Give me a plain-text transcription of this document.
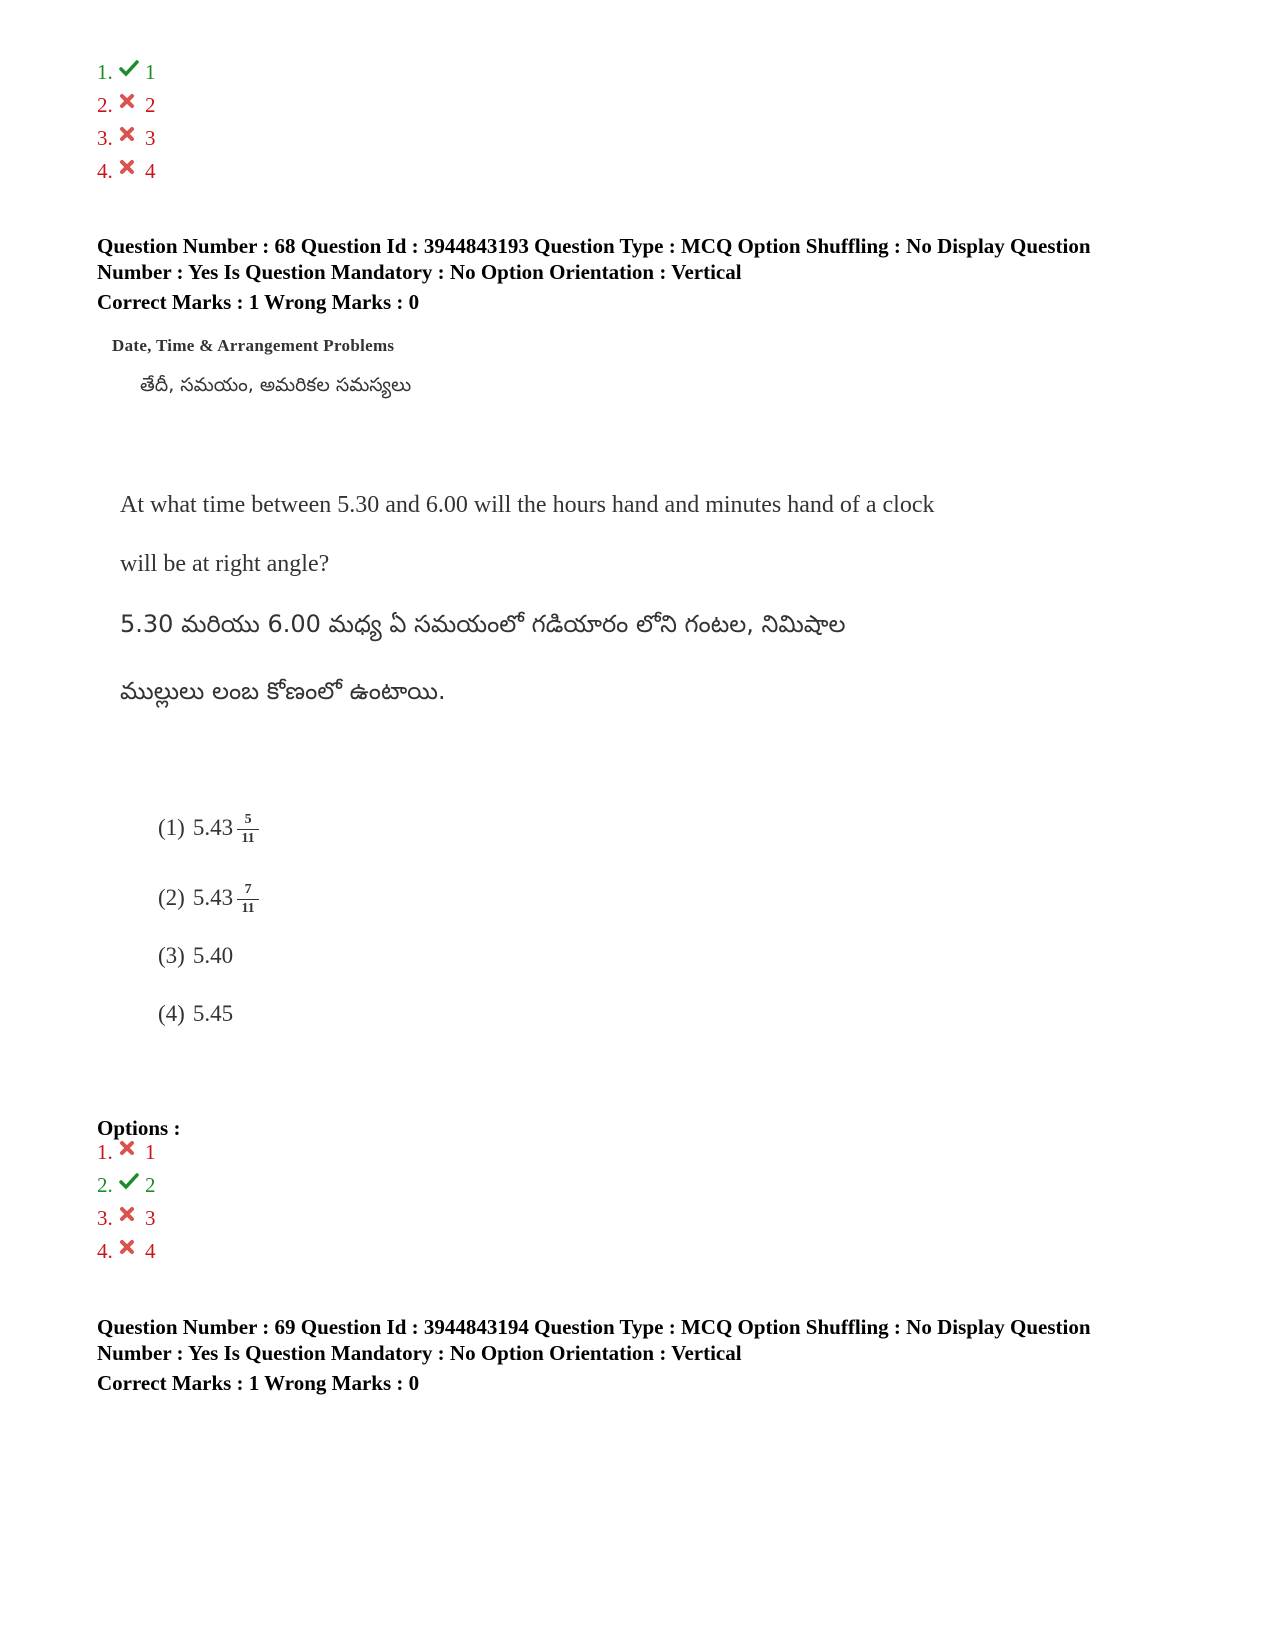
1. 1
2. 2
3. 3
4. 4
Question Number : 68 Question Id : 3944843193 Question Type : MCQ Option Shuffling : No Display Question
Number : Yes Is Question Mandatory : No Option Orientation : Vertical
Correct Marks : 1 Wrong Marks : 0
Date, Time & Arrangement Problems
తేదీ, సమయం, అమరికల సమస్యలు
At what time between 5.30 and 6.00 will the hours hand and minutes hand of a clock
will be at right angle?
5.30 మరియు 6.00 మధ్య ఏ సమయంలో గడియారం లోని గంటల, నిమిషాల
ముల్లులు లంబ కోణంలో ఉంటాయి.
(1) $5.43 \frac{5}{11}$
(2) $5.43 \frac{7}{11}$
(3) 5.40
(4) 5.45
Options :
1. 1
2. 2
3. 3
4. 4
Question Number : 69 Question Id : 3944843194 Question Type : MCQ Option Shuffling : No Display Question
Number : Yes Is Question Mandatory : No Option Orientation : Vertical
Correct Marks : 1 Wrong Marks : 0
